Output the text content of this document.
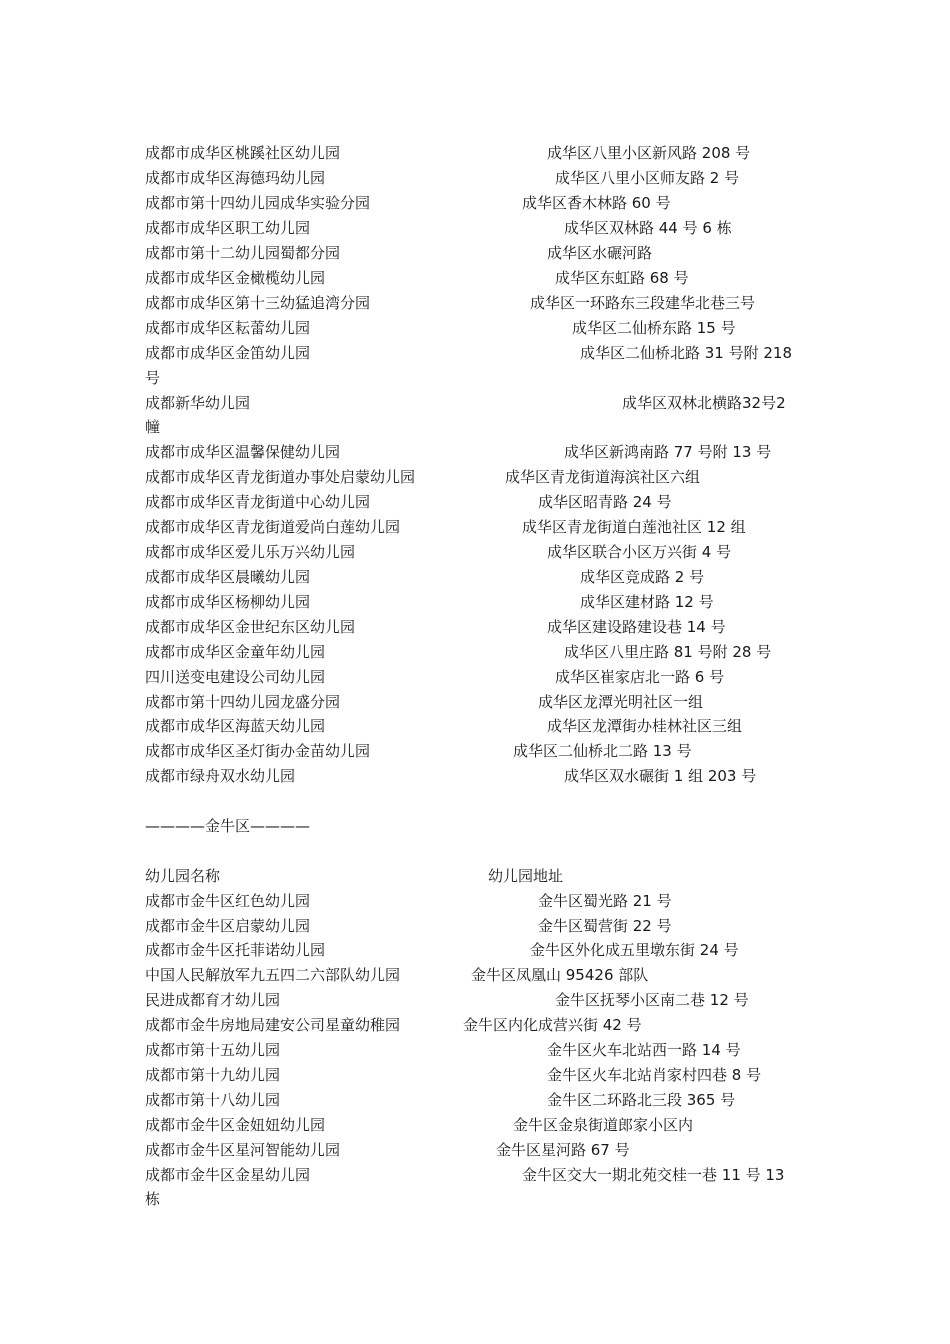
成都市成华区桃蹊社区幼儿园	成华区八里小区新风路 208 号
成都市成华区海德玛幼儿园	成华区八里小区师友路 2 号
成都市第十四幼儿园成华实验分园	成华区香木林路 60 号
成都市成华区职工幼儿园	成华区双林路 44 号 6 栋
成都市第十二幼儿园蜀都分园	成华区水碾河路
成都市成华区金橄榄幼儿园	成华区东虹路 68 号
成都市成华区第十三幼猛追湾分园	成华区一环路东三段建华北巷三号
成都市成华区耘蕾幼儿园	成华区二仙桥东路 15 号
成都市成华区金笛幼儿园	成华区二仙桥北路 31 号附 218
号
成都新华幼儿园	成华区双林北横路32号2
幢
成都市成华区温馨保健幼儿园	成华区新鸿南路 77 号附 13 号
成都市成华区青龙街道办事处启蒙幼儿园	成华区青龙街道海滨社区六组
成都市成华区青龙街道中心幼儿园	成华区昭青路 24 号
成都市成华区青龙街道爱尚白莲幼儿园	成华区青龙街道白莲池社区 12 组
成都市成华区爱儿乐万兴幼儿园	成华区联合小区万兴街 4 号
成都市成华区晨曦幼儿园	成华区竞成路 2 号
成都市成华区杨柳幼儿园	成华区建材路 12 号
成都市成华区金世纪东区幼儿园	成华区建设路建设巷 14 号
成都市成华区金童年幼儿园	成华区八里庄路 81 号附 28 号
四川送变电建设公司幼儿园	成华区崔家店北一路 6 号
成都市第十四幼儿园龙盛分园	成华区龙潭光明社区一组
成都市成华区海蓝天幼儿园	成华区龙潭街办桂林社区三组
成都市成华区圣灯街办金苗幼儿园	成华区二仙桥北二路 13 号
成都市绿舟双水幼儿园	成华区双水碾街 1 组 203 号
————金牛区————
幼儿园名称	幼儿园地址
成都市金牛区红色幼儿园	金牛区蜀光路 21 号
成都市金牛区启蒙幼儿园	金牛区蜀营街 22 号
成都市金牛区托菲诺幼儿园	金牛区外化成五里墩东街 24 号
中国人民解放军九五四二六部队幼儿园	金牛区凤凰山 95426 部队
民进成都育才幼儿园	金牛区抚琴小区南二巷 12 号
成都市金牛房地局建安公司星童幼稚园	金牛区内化成营兴街 42 号
成都市第十五幼儿园	金牛区火车北站西一路 14 号
成都市第十九幼儿园	金牛区火车北站肖家村四巷 8 号
成都市第十八幼儿园	金牛区二环路北三段 365 号
成都市金牛区金妞妞幼儿园	金牛区金泉街道郎家小区内
成都市金牛区星河智能幼儿园	金牛区星河路 67 号
成都市金牛区金星幼儿园	金牛区交大一期北苑交桂一巷 11 号 13
栋
